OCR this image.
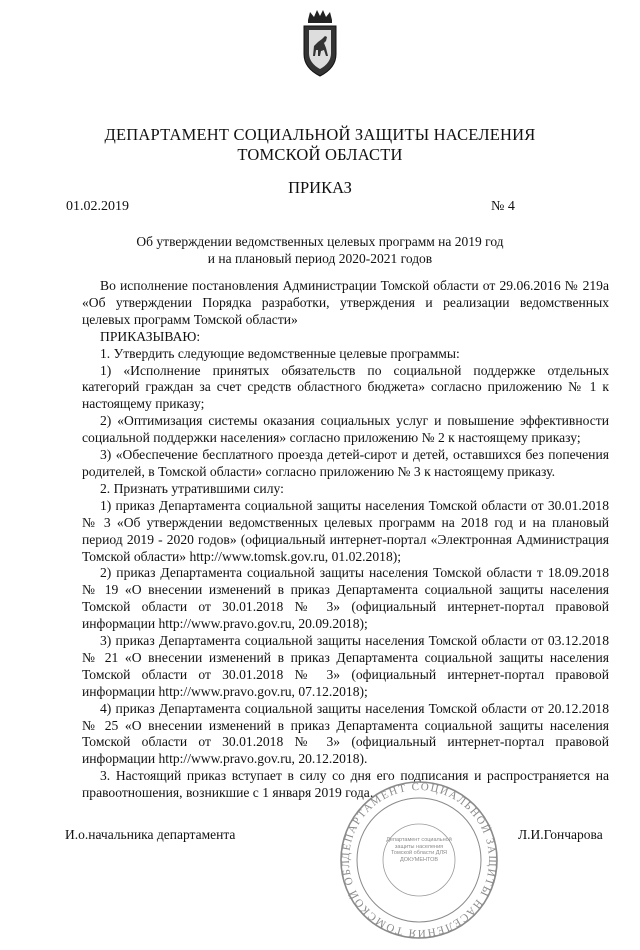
ДЕПАРТАМЕНТ СОЦИАЛЬНОЙ ЗАЩИТЫ НАСЕЛЕНИЯ
ТОМСКОЙ ОБЛАСТИ
ПРИКАЗ
01.02.2019	№ 4
Об утверждении ведомственных целевых программ на 2019 год
и на плановый период 2020-2021 годов

Во исполнение постановления Администрации Томской области от 29.06.2016 № 219а «Об утверждении Порядка разработки, утверждения и реализации ведомственных целевых программ Томской области»

ПРИКАЗЫВАЮ:

1. Утвердить следующие ведомственные целевые программы:

1) «Исполнение принятых обязательств по социальной поддержке отдельных категорий граждан за счет средств областного бюджета» согласно приложению № 1 к настоящему приказу;

2) «Оптимизация системы оказания социальных услуг и повышение эффективности социальной поддержки населения» согласно приложению № 2 к настоящему приказу;

3) «Обеспечение бесплатного проезда детей-сирот и детей, оставшихся без попечения родителей, в Томской области» согласно приложению № 3 к настоящему приказу.

2. Признать утратившими силу:

1) приказ Департамента социальной защиты населения Томской области от 30.01.2018 № 3 «Об утверждении ведомственных целевых программ на 2018 год и на плановый период 2019 - 2020 годов» (официальный интернет-портал «Электронная Администрация Томской области» http://www.tomsk.gov.ru, 01.02.2018);

2) приказ Департамента социальной защиты населения Томской области т 18.09.2018 № 19 «О внесении изменений в приказ Департамента социальной защиты населения Томской области от 30.01.2018 № 3» (официальный интернет-портал правовой информации http://www.pravo.gov.ru, 20.09.2018);

3) приказ Департамента социальной защиты населения Томской области от 03.12.2018 № 21 «О внесении изменений в приказ Департамента социальной защиты населения Томской области от 30.01.2018 № 3» (официальный интернет-портал правовой информации http://www.pravo.gov.ru, 07.12.2018);

4) приказ Департамента социальной защиты населения Томской области от 20.12.2018 № 25 «О внесении изменений в приказ Департамента социальной защиты населения Томской области от 30.01.2018 № 3» (официальный интернет-портал правовой информации http://www.pravo.gov.ru, 20.12.2018).

3. Настоящий приказ вступает в силу со дня его подписания и распространяется на правоотношения, возникшие с 1 января 2019 года.

И.о.начальника департамента	Л.И.Гончарова
ДЕПАРТАМЕНТ СОЦИАЛЬНОЙ ЗАЩИТЫ НАСЕЛЕНИЯ ТОМСКОЙ ОБЛ
Департамент социальной защиты населения Томской области ДЛЯ ДОКУМЕНТОВ
